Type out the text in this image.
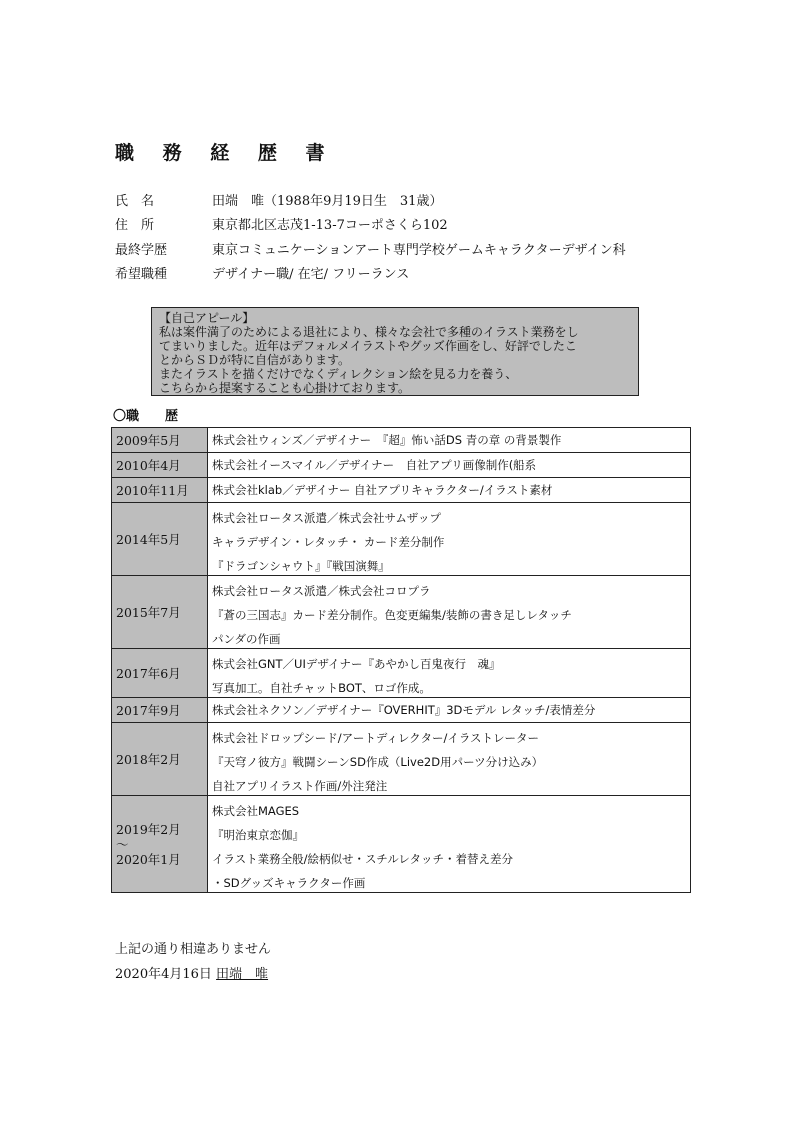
職 務 経 歴 書
氏　名	田端　唯（1988年9月19日生　31歳）
住　所	東京都北区志茂1-13-7コーポさくら102
最終学歴	東京コミュニケーションアート専門学校ゲームキャラクターデザイン科
希望職種	デザイナー職/ 在宅/ フリーランス
【自己アピール】
私は案件満了のためによる退社により、様々な会社で多種のイラスト業務をし
てまいりました。近年はデフォルメイラストやグッズ作画をし、好評でしたこ
とからＳＤが特に自信があります。
またイラストを描くだけでなくディレクション絵を見る力を養う、
こちらから提案することも心掛けております。
〇職　　歴
2009年5月	株式会社ウィンズ／デザイナー　『超』怖い話DS 青の章 の背景製作

2010年4月	株式会社イースマイル／デザイナー　自社アプリ画像制作(船系

2010年11月	株式会社klab／デザイナー 自社アプリキャラクター/イラスト素材

2014年5月	株式会社ロータス派遣／株式会社サムザップ
キャラデザイン・レタッチ・ カード差分制作
『ドラゴンシャウト』『戦国演舞』

2015年7月	株式会社ロータス派遣／株式会社コロプラ
『蒼の三国志』カード差分制作。色変更編集/装飾の書き足しレタッチ
パンダの作画

2017年6月	株式会社GNT／UIデザイナー『あやかし百鬼夜行　魂』
写真加工。自社チャットBOT、ロゴ作成。

2017年9月	株式会社ネクソン／デザイナー『OVERHIT』3Dモデル レタッチ/表情差分

2018年2月	株式会社ドロップシード/アートディレクター/イラストレーター
『天穹ノ彼方』戦闘シーンSD作成（Live2D用パーツ分け込み）
自社アプリイラスト作画/外注発注

2019年2月
～
2020年1月	株式会社MAGES
『明治東京恋伽』
イラスト業務全般/絵柄似せ・スチルレタッチ・着替え差分
・SDグッズキャラクター作画
上記の通り相違ありません
2020年4月16日 田端　唯
